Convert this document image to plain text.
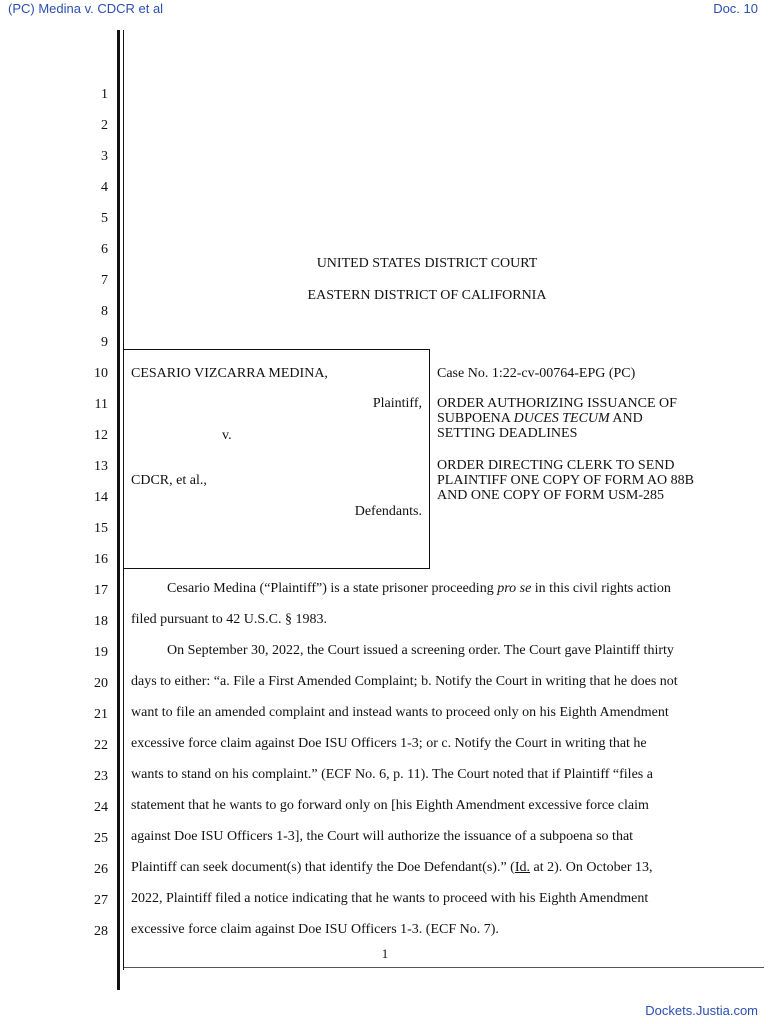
(PC) Medina v. CDCR et al	Doc. 10
Dockets.Justia.com
1
2
3
4
5
6
7
8
9
10
11
12
13
14
15
16
17
18
19
20
21
22
23
24
25
26
27
28
UNITED STATES DISTRICT COURT
EASTERN DISTRICT OF CALIFORNIA
CESARIO VIZCARRA MEDINA,
Plaintiff,
v.
CDCR, et al.,
Defendants.
Case No. 1:22-cv-00764-EPG (PC)
ORDER AUTHORIZING ISSUANCE OF
SUBPOENA DUCES TECUM AND
SETTING DEADLINES
ORDER DIRECTING CLERK TO SEND
PLAINTIFF ONE COPY OF FORM AO 88B
AND ONE COPY OF FORM USM-285
Cesario Medina (“Plaintiff”) is a state prisoner proceeding pro se in this civil rights action
filed pursuant to 42 U.S.C. § 1983.
On September 30, 2022, the Court issued a screening order. The Court gave Plaintiff thirty
days to either: “a. File a First Amended Complaint; b. Notify the Court in writing that he does not
want to file an amended complaint and instead wants to proceed only on his Eighth Amendment
excessive force claim against Doe ISU Officers 1-3; or c. Notify the Court in writing that he
wants to stand on his complaint.” (ECF No. 6, p. 11). The Court noted that if Plaintiff “files a
statement that he wants to go forward only on [his Eighth Amendment excessive force claim
against Doe ISU Officers 1-3], the Court will authorize the issuance of a subpoena so that
Plaintiff can seek document(s) that identify the Doe Defendant(s).” (Id. at 2). On October 13,
2022, Plaintiff filed a notice indicating that he wants to proceed with his Eighth Amendment
excessive force claim against Doe ISU Officers 1-3. (ECF No. 7).
1
